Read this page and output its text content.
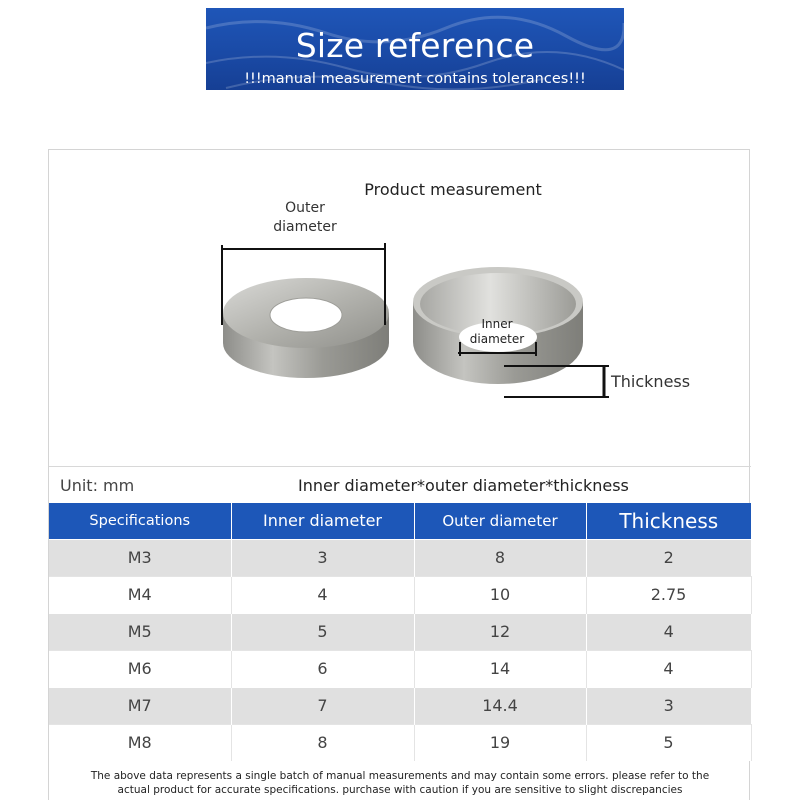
Size reference
!!!manual measurement contains tolerances!!!
Product measurement
Outer
diameter
Inner
diameter
Thickness
Unit: mm	Inner diameter*outer diameter*thickness
Specifications	Inner diameter	Outer diameter	Thickness
M3	3	8	2
M4	4	10	2.75
M5	5	12	4
M6	6	14	4
M7	7	14.4	3
M8	8	19	5
The above data represents a single batch of manual measurements and may contain some errors. please refer to the
actual product for accurate specifications. purchase with caution if you are sensitive to slight discrepancies
